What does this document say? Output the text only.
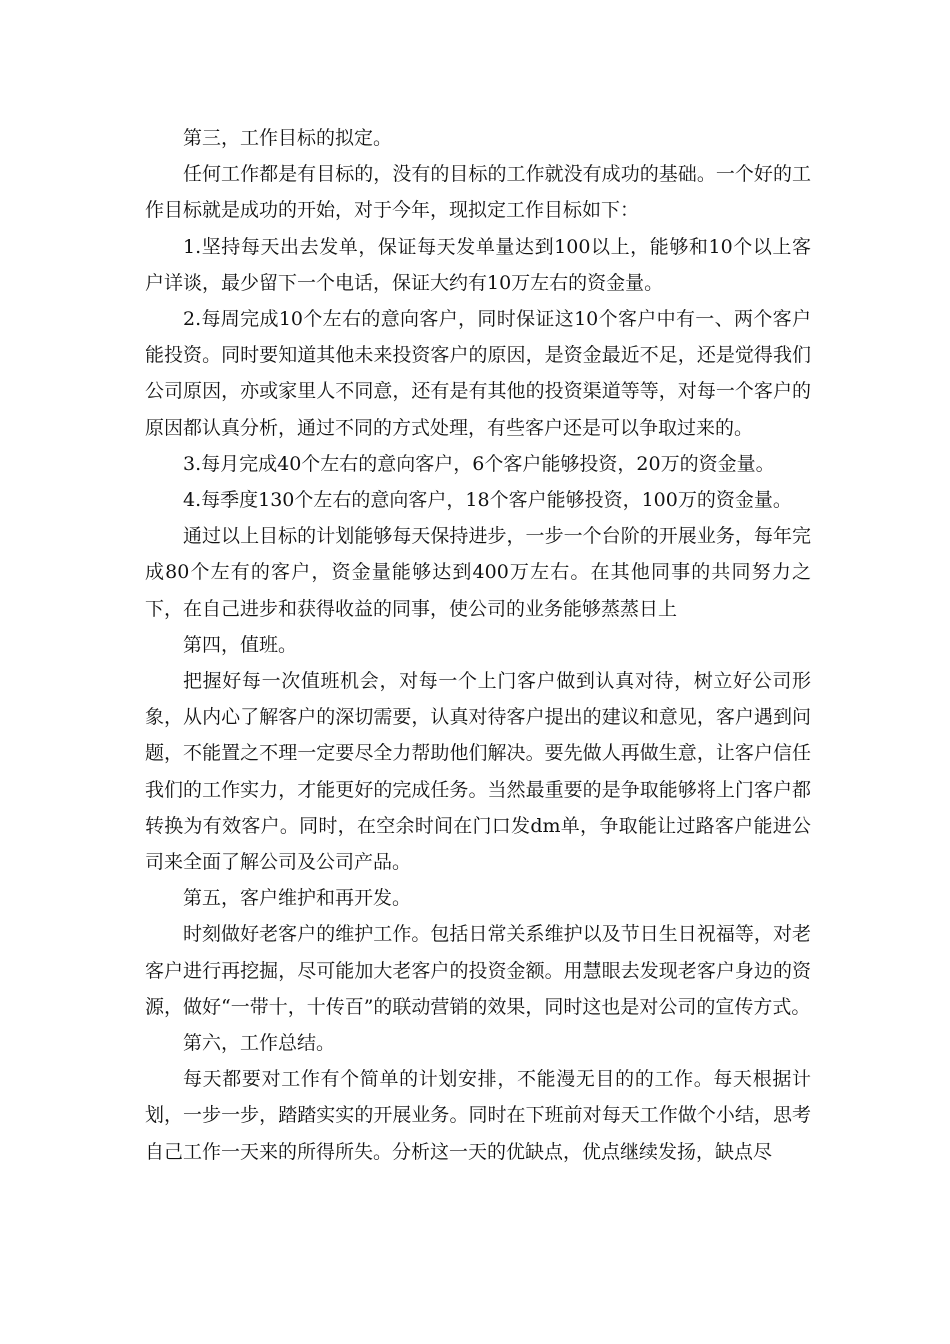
第三，工作目标的拟定。

任何工作都是有目标的，没有的目标的工作就没有成功的基础。一个好的工作目标就是成功的开始，对于今年，现拟定工作目标如下：

1.坚持每天出去发单，保证每天发单量达到100以上，能够和10个以上客户详谈，最少留下一个电话，保证大约有10万左右的资金量。

2.每周完成10个左右的意向客户，同时保证这10个客户中有一、两个客户能投资。同时要知道其他未来投资客户的原因，是资金最近不足，还是觉得我们公司原因，亦或家里人不同意，还有是有其他的投资渠道等等，对每一个客户的原因都认真分析，通过不同的方式处理，有些客户还是可以争取过来的。

3.每月完成40个左右的意向客户，6个客户能够投资，20万的资金量。

4.每季度130个左右的意向客户，18个客户能够投资，100万的资金量。

通过以上目标的计划能够每天保持进步，一步一个台阶的开展业务，每年完成80个左有的客户，资金量能够达到400万左右。在其他同事的共同努力之下，在自己进步和获得收益的同事，使公司的业务能够蒸蒸日上

第四，值班。

把握好每一次值班机会，对每一个上门客户做到认真对待，树立好公司形象，从内心了解客户的深切需要，认真对待客户提出的建议和意见，客户遇到问题，不能置之不理一定要尽全力帮助他们解决。要先做人再做生意，让客户信任我们的工作实力，才能更好的完成任务。当然最重要的是争取能够将上门客户都转换为有效客户。同时，在空余时间在门口发dm单，争取能让过路客户能进公司来全面了解公司及公司产品。

第五，客户维护和再开发。

时刻做好老客户的维护工作。包括日常关系维护以及节日生日祝福等，对老客户进行再挖掘，尽可能加大老客户的投资金额。用慧眼去发现老客户身边的资源，做好“一带十，十传百”的联动营销的效果，同时这也是对公司的宣传方式。

第六，工作总结。

每天都要对工作有个简单的计划安排，不能漫无目的的工作。每天根据计划，一步一步，踏踏实实的开展业务。同时在下班前对每天工作做个小结，思考自己工作一天来的所得所失。分析这一天的优缺点，优点继续发扬，缺点尽
